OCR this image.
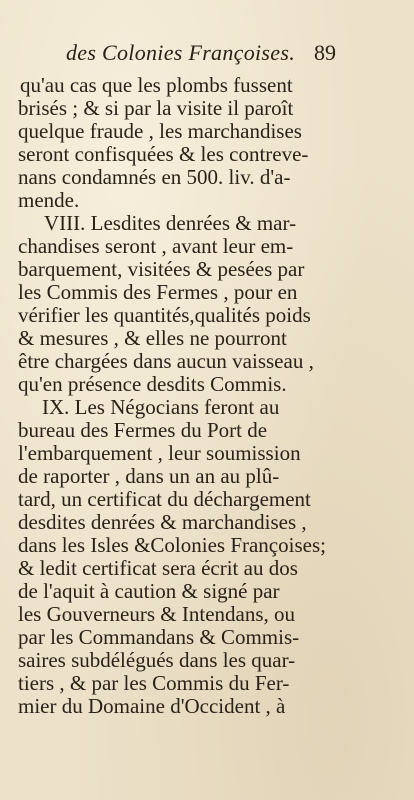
des Colonies Françoises. 89
qu'au cas que les plombs fussent
brisés ; & si par la visite il paroît
quelque fraude , les marchandises
seront confisquées & les contreve-
nans condamnés en 500. liv. d'a-
mende.
VIII. Lesdites denrées & mar-
chandises seront , avant leur em-
barquement, visitées & pesées par
les Commis des Fermes , pour en
vérifier les quantités,qualités poids
& mesures , & elles ne pourront
être chargées dans aucun vaisseau ,
qu'en présence desdits Commis.
IX. Les Négocians feront au
bureau des Fermes du Port de
l'embarquement , leur soumission
de raporter , dans un an au plû-
tard, un certificat du déchargement
desdites denrées & marchandises ,
dans les Isles &Colonies Françoises;
& ledit certificat sera écrit au dos
de l'aquit à caution & signé par
les Gouverneurs & Intendans, ou
par les Commandans & Commis-
saires subdélégués dans les quar-
tiers , & par les Commis du Fer-
mier du Domaine d'Occident , à
